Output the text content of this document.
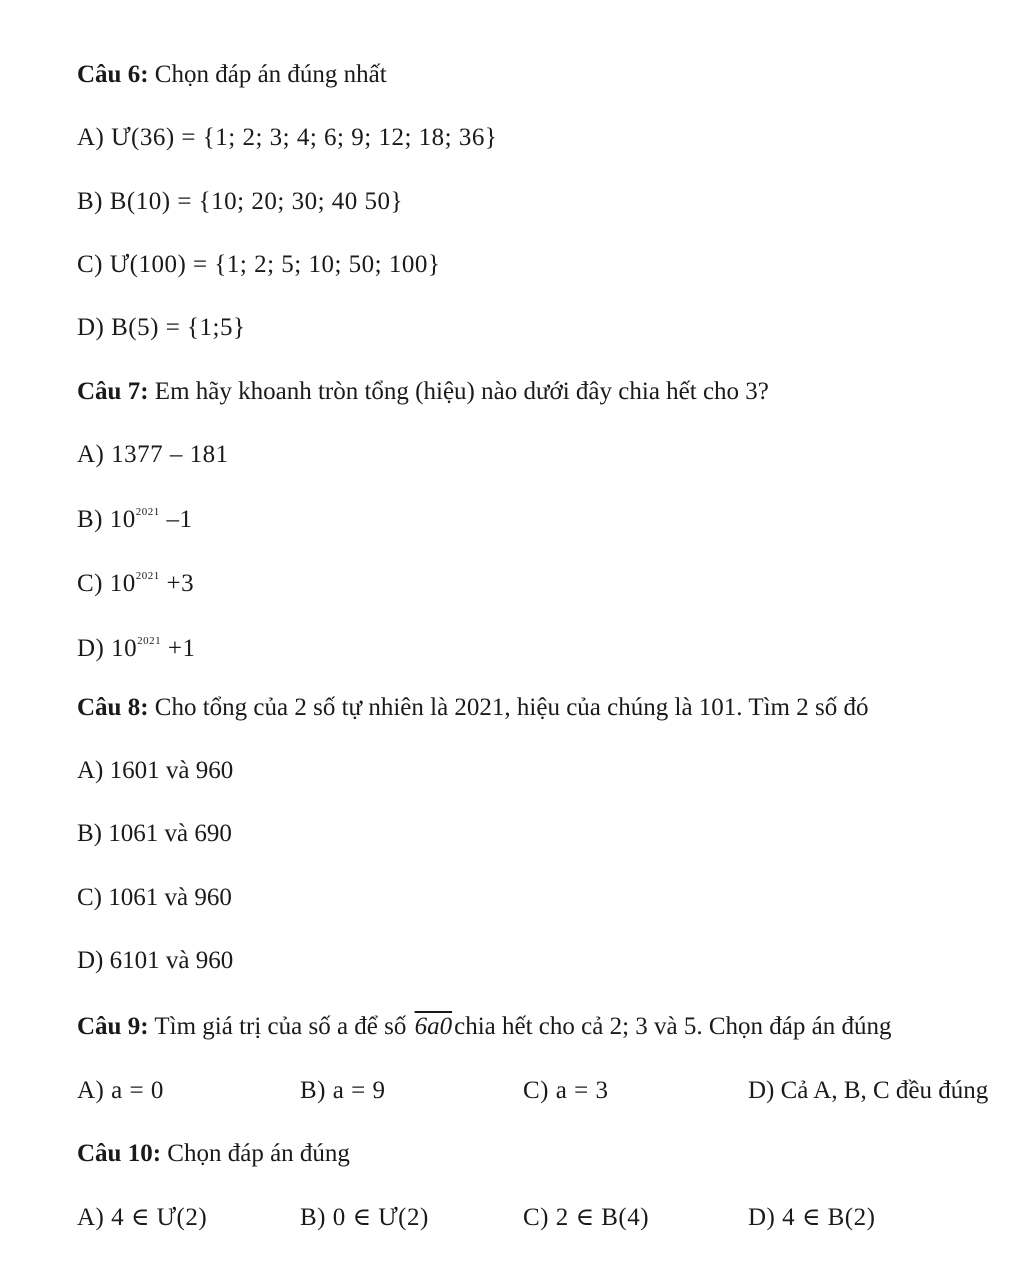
Câu 6: Chọn đáp án đúng nhất
A) Ư(36) = {1; 2; 3; 4; 6; 9; 12; 18; 36}
B) B(10) = {10; 20; 30; 40 50}
C) Ư(100) = {1; 2; 5; 10; 50; 100}
D) B(5) = {1;5}
Câu 7: Em hãy khoanh tròn tổng (hiệu) nào dưới đây chia hết cho 3?
A) 1377 – 181
B) $10^{2021}$ –1
C) $10^{2021} +3$
D) $10^{2021} +1$
Câu 8: Cho tổng của 2 số tự nhiên là 2021, hiệu của chúng là 101. Tìm 2 số đó
A) 1601 và 960
B) 1061 và 690
C) 1061 và 960
D) 6101 và 960
Câu 9: Tìm giá trị của số a để số 6a0chia hết cho cả 2; 3 và 5. Chọn đáp án đúng
A) a = 0	B) a = 9	C) a = 3	D) Cả A, B, C đều đúng
Câu 10: Chọn đáp án đúng
A) 4 ∈ Ư(2)	B) 0 ∈ Ư(2)	C) 2 ∈ B(4)	D) 4 ∈ B(2)
